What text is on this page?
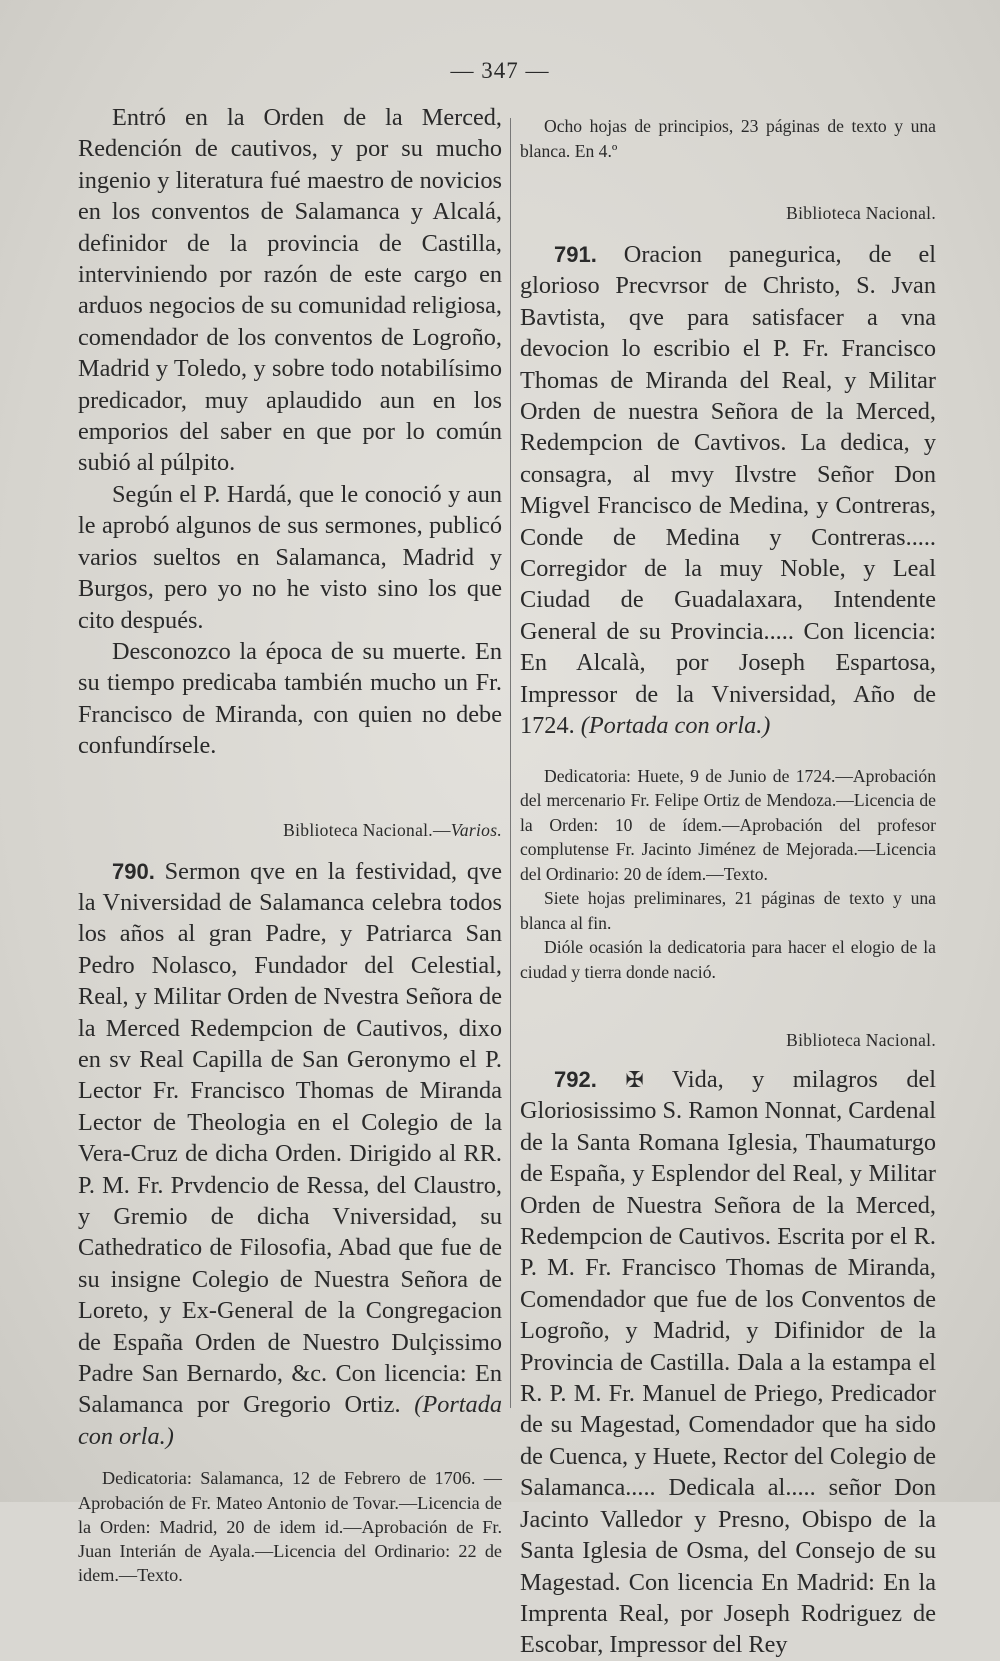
— 347 —

Entró en la Orden de la Merced, Redención de cautivos, y por su mucho ingenio y literatura fué maestro de novicios en los conventos de Salamanca y Alcalá, definidor de la provincia de Castilla, interviniendo por razón de este cargo en arduos negocios de su comunidad religiosa, comendador de los conventos de Logroño, Madrid y Toledo, y sobre todo notabilísimo predicador, muy aplaudido aun en los emporios del saber en que por lo común subió al púlpito.

Según el P. Hardá, que le conoció y aun le aprobó algunos de sus sermones, publicó varios sueltos en Salamanca, Madrid y Burgos, pero yo no he visto sino los que cito después.

Desconozco la época de su muerte. En su tiempo predicaba también mucho un Fr. Francisco de Miranda, con quien no debe confundírsele.

Biblioteca Nacional.—Varios.

790. Sermon qve en la festividad, qve la Vniversidad de Salamanca celebra todos los años al gran Padre, y Patriarca San Pedro Nolasco, Fundador del Celestial, Real, y Militar Orden de Nvestra Señora de la Merced Redempcion de Cautivos, dixo en sv Real Capilla de San Geronymo el P. Lector Fr. Francisco Thomas de Miranda Lector de Theologia en el Colegio de la Vera-Cruz de dicha Orden. Dirigido al RR. P. M. Fr. Prvdencio de Ressa, del Claustro, y Gremio de dicha Vniversidad, su Cathedratico de Filosofia, Abad que fue de su insigne Colegio de Nuestra Señora de Loreto, y Ex-General de la Congregacion de España Orden de Nuestro Dulçissimo Padre San Bernardo, &c. Con licencia: En Salamanca por Gregorio Ortiz. (Portada con orla.)

Dedicatoria: Salamanca, 12 de Febrero de 1706. —Aprobación de Fr. Mateo Antonio de Tovar.—Licencia de la Orden: Madrid, 20 de idem id.—Aprobación de Fr. Juan Interián de Ayala.—Licencia del Ordinario: 22 de idem.—Texto.

Ocho hojas de principios, 23 páginas de texto y una blanca. En 4.º

Biblioteca Nacional.

791. Oracion panegurica, de el glorioso Precvrsor de Christo, S. Jvan Bavtista, qve para satisfacer a vna devocion lo escribio el P. Fr. Francisco Thomas de Miranda del Real, y Militar Orden de nuestra Señora de la Merced, Redempcion de Cavtivos. La dedica, y consagra, al mvy Ilvstre Señor Don Migvel Francisco de Medina, y Contreras, Conde de Medina y Contreras..... Corregidor de la muy Noble, y Leal Ciudad de Guadalaxara, Intendente General de su Provincia..... Con licencia: En Alcalà, por Joseph Espartosa, Impressor de la Vniversidad, Año de 1724. (Portada con orla.)

Dedicatoria: Huete, 9 de Junio de 1724.—Aprobación del mercenario Fr. Felipe Ortiz de Mendoza.—Licencia de la Orden: 10 de ídem.—Aprobación del profesor complutense Fr. Jacinto Jiménez de Mejorada.—Licencia del Ordinario: 20 de ídem.—Texto.

Siete hojas preliminares, 21 páginas de texto y una blanca al fin.

Dióle ocasión la dedicatoria para hacer el elogio de la ciudad y tierra donde nació.

Biblioteca Nacional.

792. ✠ Vida, y milagros del Gloriosissimo S. Ramon Nonnat, Cardenal de la Santa Romana Iglesia, Thaumaturgo de España, y Esplendor del Real, y Militar Orden de Nuestra Señora de la Merced, Redempcion de Cautivos. Escrita por el R. P. M. Fr. Francisco Thomas de Miranda, Comendador que fue de los Conventos de Logroño, y Madrid, y Difinidor de la Provincia de Castilla. Dala a la estampa el R. P. M. Fr. Manuel de Priego, Predicador de su Magestad, Comendador que ha sido de Cuenca, y Huete, Rector del Colegio de Salamanca..... Dedicala al..... señor Don Jacinto Valledor y Presno, Obispo de la Santa Iglesia de Osma, del Consejo de su Magestad. Con licencia En Madrid: En la Imprenta Real, por Joseph Rodriguez de Escobar, Impressor del Rey
